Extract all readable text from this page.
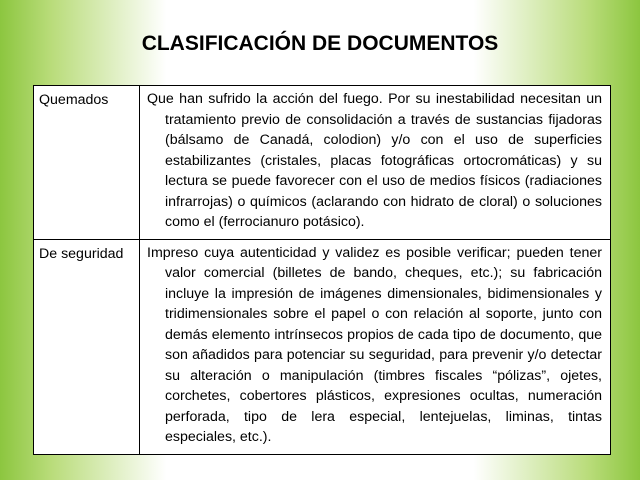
CLASIFICACIÓN DE DOCUMENTOS
Quemados	Que han sufrido la acción del fuego. Por su inestabilidad necesitan un tratamiento previo de consolidación a través de sustancias fijadoras (bálsamo de Canadá, colodion) y/o con el uso de superficies estabilizantes (cristales, placas fotográficas ortocromáticas) y su lectura se puede favorecer con el uso de medios físicos (radiaciones infrarrojas) o químicos (aclarando con hidrato de cloral) o soluciones como el (ferrocianuro potásico).

De seguridad	Impreso cuya autenticidad y validez es posible verificar; pueden tener valor comercial (billetes de bando, cheques, etc.); su fabricación incluye la impresión de imágenes dimensionales, bidimensionales y tridimensionales sobre el papel o con relación al soporte, junto con demás elemento intrínsecos propios de cada tipo de documento, que son añadidos para potenciar su seguridad, para prevenir y/o detectar su alteración o manipulación (timbres fiscales “pólizas”, ojetes, corchetes, cobertores plásticos, expresiones ocultas, numeración perforada, tipo de lera especial, lentejuelas, liminas, tintas especiales, etc.).
